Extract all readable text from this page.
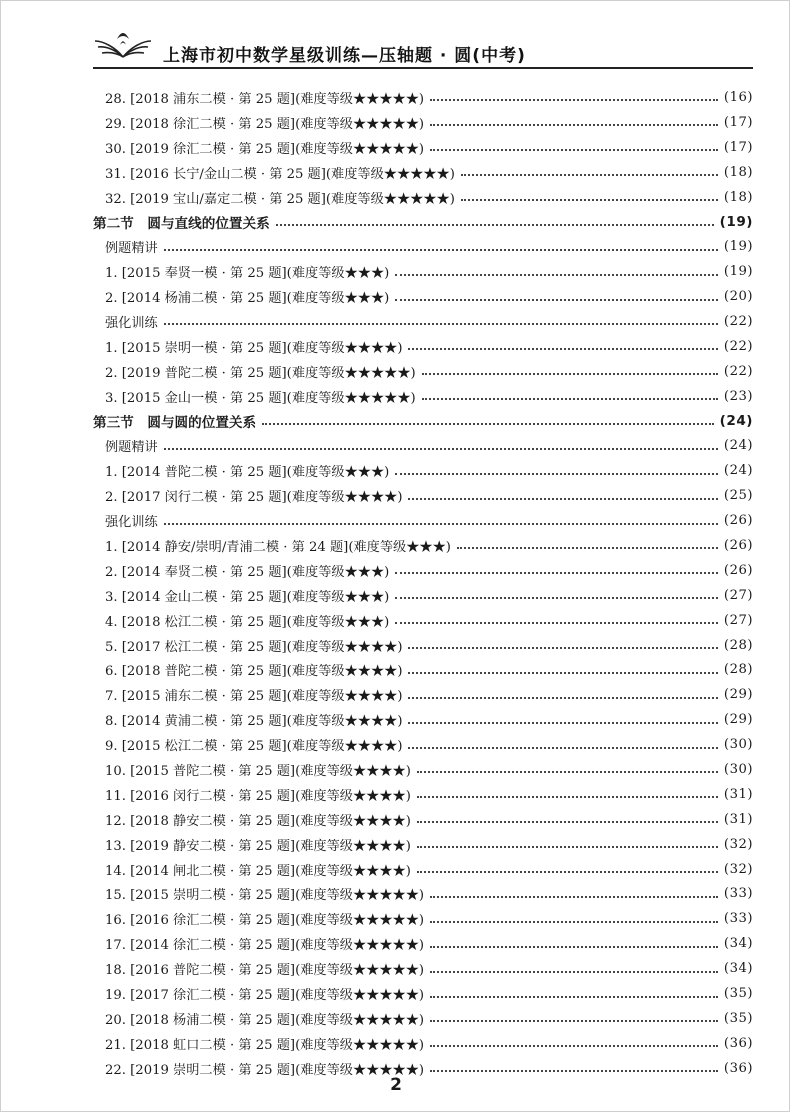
上海市初中数学星级训练—压轴题 · 圆(中考)
28. [2018 浦东二模 · 第 25 题](难度等级★★★★★)	(16)
29. [2018 徐汇二模 · 第 25 题](难度等级★★★★★)	(17)
30. [2019 徐汇二模 · 第 25 题](难度等级★★★★★)	(17)
31. [2016 长宁/金山二模 · 第 25 题](难度等级★★★★★)	(18)
32. [2019 宝山/嘉定二模 · 第 25 题](难度等级★★★★★)	(18)
第二节　圆与直线的位置关系	(19)
例题精讲	(19)
1. [2015 奉贤一模 · 第 25 题](难度等级★★★)	(19)
2. [2014 杨浦二模 · 第 25 题](难度等级★★★)	(20)
强化训练	(22)
1. [2015 崇明一模 · 第 25 题](难度等级★★★★)	(22)
2. [2019 普陀二模 · 第 25 题](难度等级★★★★★)	(22)
3. [2015 金山一模 · 第 25 题](难度等级★★★★★)	(23)
第三节　圆与圆的位置关系	(24)
例题精讲	(24)
1. [2014 普陀二模 · 第 25 题](难度等级★★★)	(24)
2. [2017 闵行二模 · 第 25 题](难度等级★★★★)	(25)
强化训练	(26)
1. [2014 静安/崇明/青浦二模 · 第 24 题](难度等级★★★)	(26)
2. [2014 奉贤二模 · 第 25 题](难度等级★★★)	(26)
3. [2014 金山二模 · 第 25 题](难度等级★★★)	(27)
4. [2018 松江二模 · 第 25 题](难度等级★★★)	(27)
5. [2017 松江二模 · 第 25 题](难度等级★★★★)	(28)
6. [2018 普陀二模 · 第 25 题](难度等级★★★★)	(28)
7. [2015 浦东二模 · 第 25 题](难度等级★★★★)	(29)
8. [2014 黄浦二模 · 第 25 题](难度等级★★★★)	(29)
9. [2015 松江二模 · 第 25 题](难度等级★★★★)	(30)
10. [2015 普陀二模 · 第 25 题](难度等级★★★★)	(30)
11. [2016 闵行二模 · 第 25 题](难度等级★★★★)	(31)
12. [2018 静安二模 · 第 25 题](难度等级★★★★)	(31)
13. [2019 静安二模 · 第 25 题](难度等级★★★★)	(32)
14. [2014 闸北二模 · 第 25 题](难度等级★★★★)	(32)
15. [2015 崇明二模 · 第 25 题](难度等级★★★★★)	(33)
16. [2016 徐汇二模 · 第 25 题](难度等级★★★★★)	(33)
17. [2014 徐汇二模 · 第 25 题](难度等级★★★★★)	(34)
18. [2016 普陀二模 · 第 25 题](难度等级★★★★★)	(34)
19. [2017 徐汇二模 · 第 25 题](难度等级★★★★★)	(35)
20. [2018 杨浦二模 · 第 25 题](难度等级★★★★★)	(35)
21. [2018 虹口二模 · 第 25 题](难度等级★★★★★)	(36)
22. [2019 崇明二模 · 第 25 题](难度等级★★★★★)	(36)
2
